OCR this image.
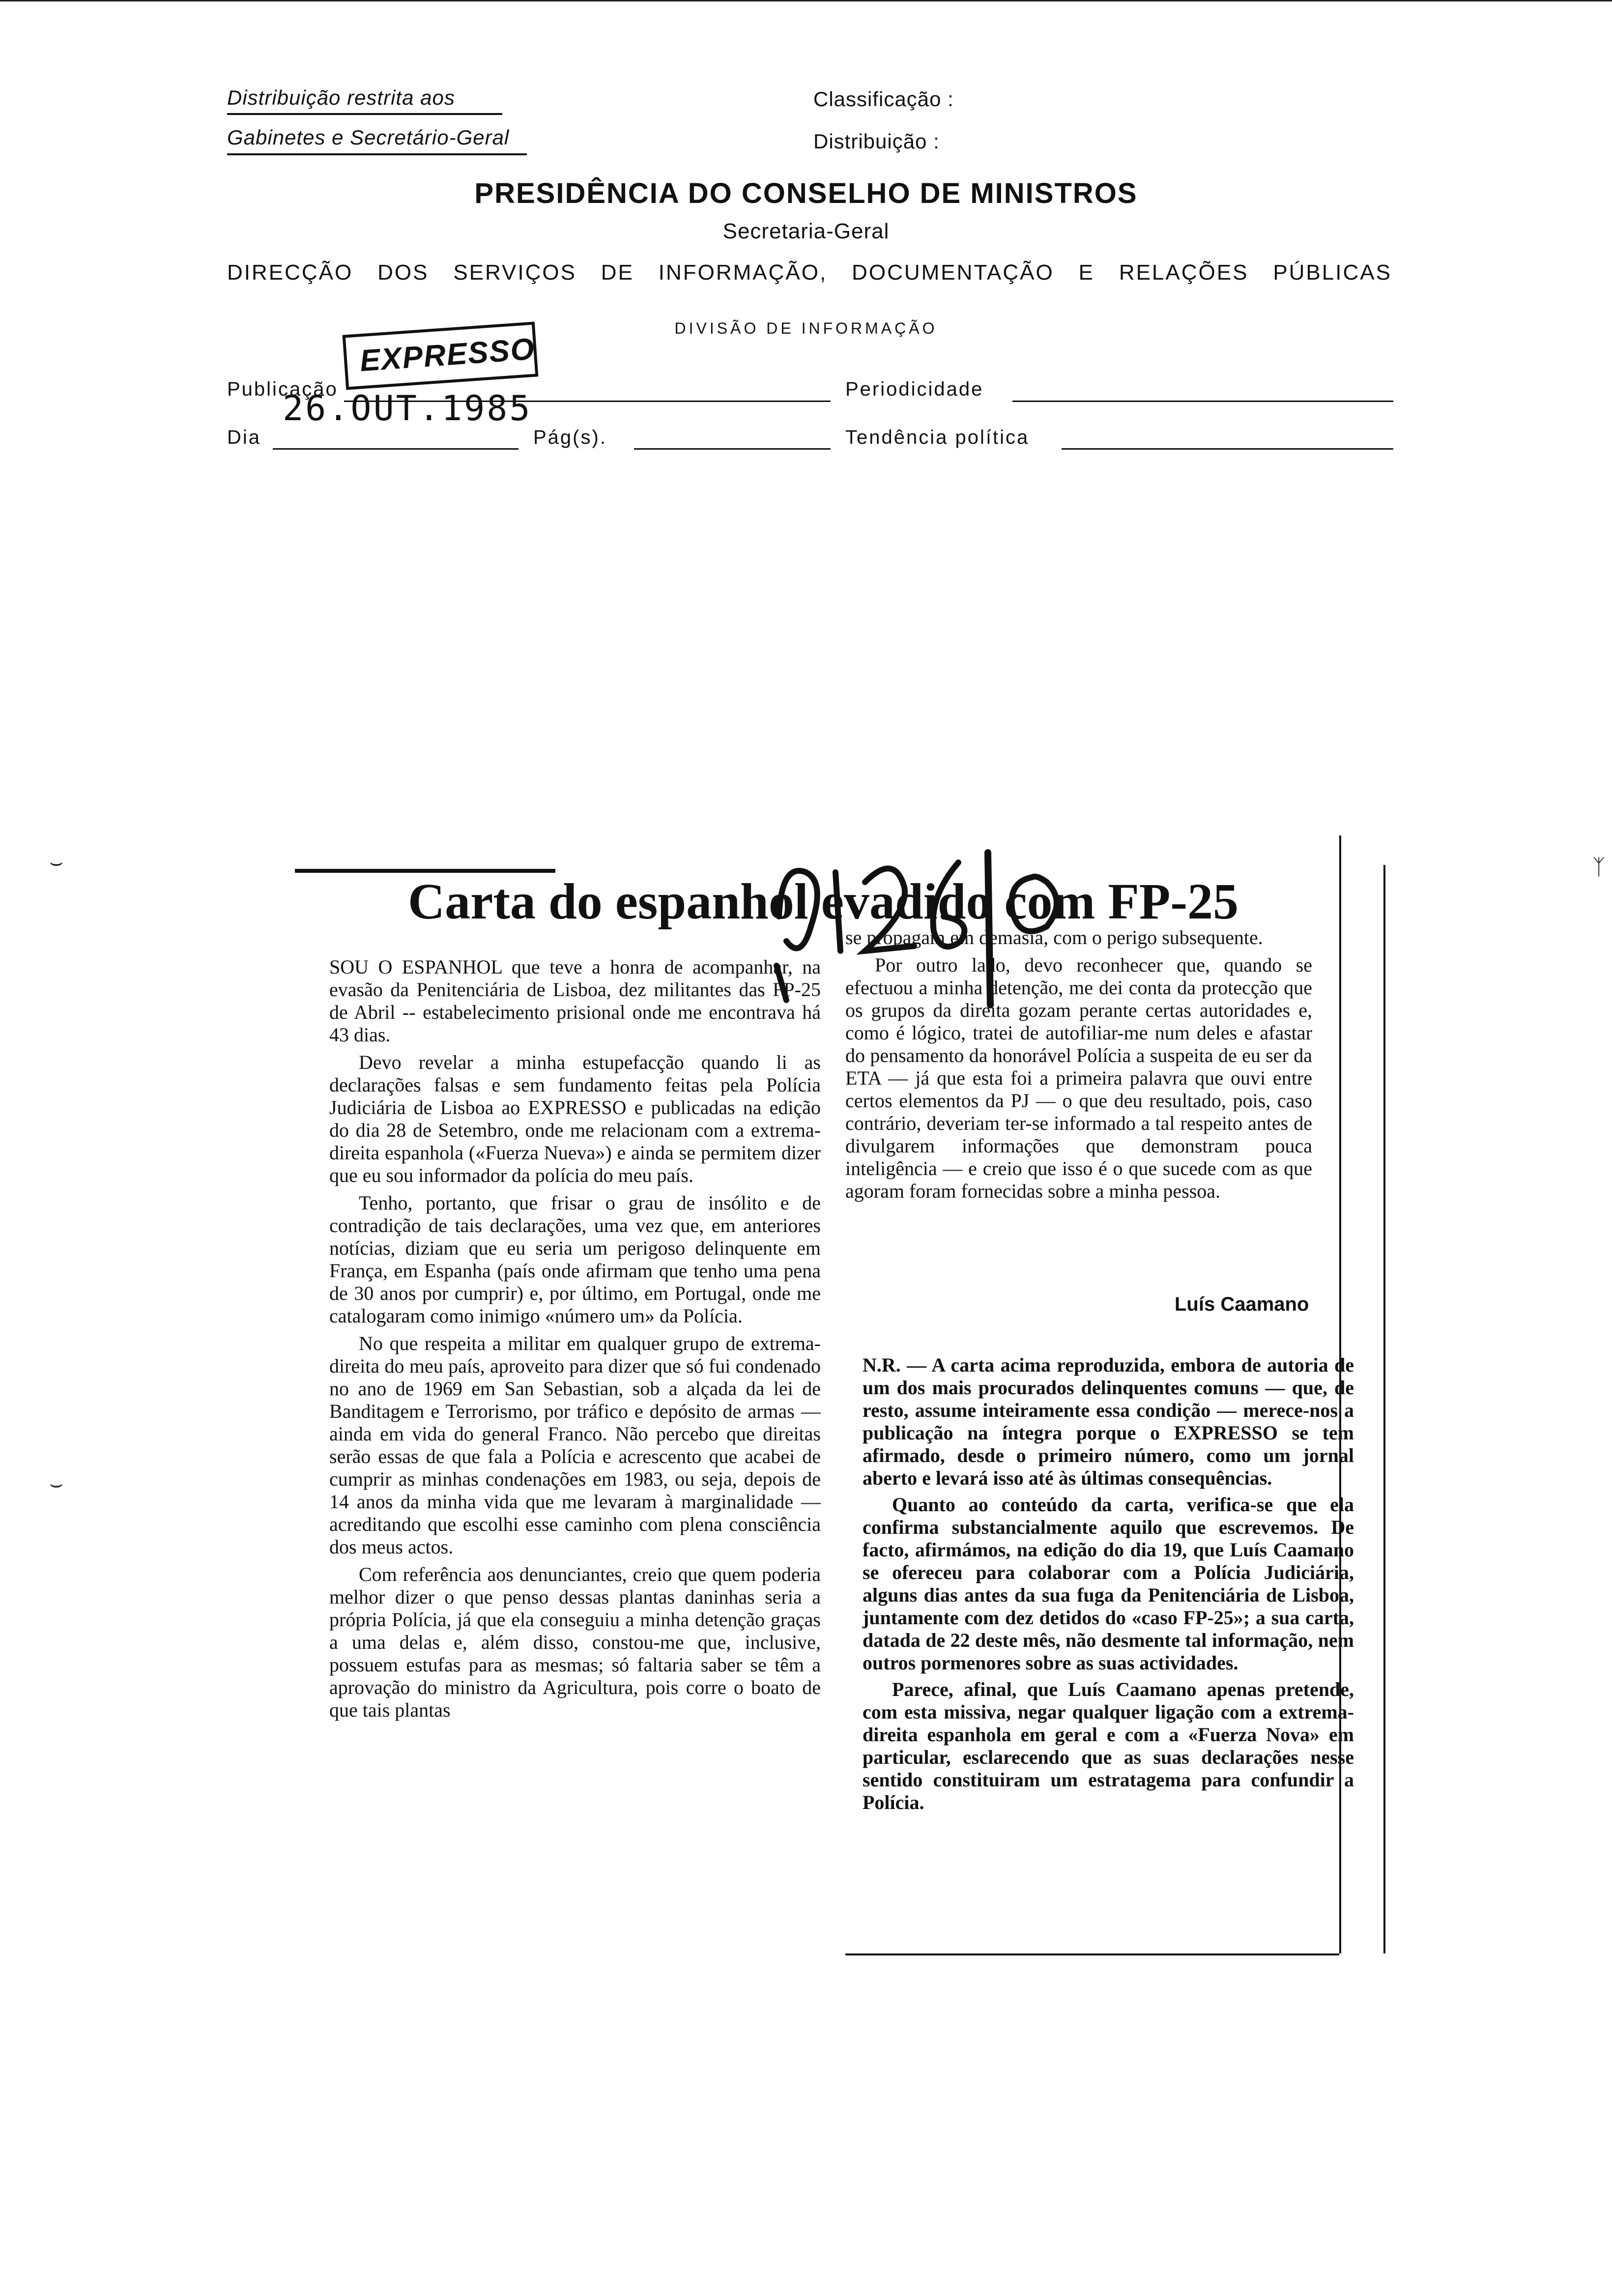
Distribuição restrita aos
Gabinetes e Secretário-Geral
Classificação :
Distribuição :
PRESIDÊNCIA DO CONSELHO DE MINISTROS
Secretaria-Geral
DIRECÇÃO DOS SERVIÇOS DE INFORMAÇÃO, DOCUMENTAÇÃO E RELAÇÕES PÚBLICAS
DIVISÃO DE INFORMAÇÃO
Publicação	Periodicidade
Dia	Pág(s).	Tendência política
EXPRESSO
26.OUT.1985
⌣
⌣
ᛉ
Carta do espanhol evadido com FP-25

SOU O ESPANHOL que teve a honra de acompanhar, na evasão da Penitenciária de Lisboa, dez militantes das FP-25 de Abril -- estabelecimento prisional onde me encontrava há 43 dias.

Devo revelar a minha estupefacção quando li as declarações falsas e sem fundamento feitas pela Polícia Judiciária de Lisboa ao EXPRESSO e publicadas na edição do dia 28 de Setembro, onde me relacionam com a extrema-direita espanhola («Fuerza Nueva») e ainda se permitem dizer que eu sou informador da polícia do meu país.

Tenho, portanto, que frisar o grau de insólito e de contradição de tais declarações, uma vez que, em anteriores notícias, diziam que eu seria um perigoso delinquente em França, em Espanha (país onde afirmam que tenho uma pena de 30 anos por cumprir) e, por último, em Portugal, onde me catalogaram como inimigo «número um» da Polícia.

No que respeita a militar em qualquer grupo de extrema-direita do meu país, aproveito para dizer que só fui condenado no ano de 1969 em San Sebastian, sob a alçada da lei de Banditagem e Terrorismo, por tráfico e depósito de armas — ainda em vida do general Franco. Não percebo que direitas serão essas de que fala a Polícia e acrescento que acabei de cumprir as minhas condenações em 1983, ou seja, depois de 14 anos da minha vida que me levaram à marginalidade — acreditando que escolhi esse caminho com plena consciência dos meus actos.

Com referência aos denunciantes, creio que quem poderia melhor dizer o que penso dessas plantas daninhas seria a própria Polícia, já que ela conseguiu a minha detenção graças a uma delas e, além disso, constou-me que, inclusive, possuem estufas para as mesmas; só faltaria saber se têm a aprovação do ministro da Agricultura, pois corre o boato de que tais plantas

se propagam em demasia, com o perigo subsequente.

Por outro lado, devo reconhecer que, quando se efectuou a minha detenção, me dei conta da protecção que os grupos da direita gozam perante certas autoridades e, como é lógico, tratei de autofiliar-me num deles e afastar do pensamento da honorável Polícia a suspeita de eu ser da ETA — já que esta foi a primeira palavra que ouvi entre certos elementos da PJ — o que deu resultado, pois, caso contrário, deveriam ter-se informado a tal respeito antes de divulgarem informações que demonstram pouca inteligência — e creio que isso é o que sucede com as que agoram foram fornecidas sobre a minha pessoa.

Luís Caamano

N.R. — A carta acima reproduzida, embora de autoria de um dos mais procurados delinquentes comuns — que, de resto, assume inteiramente essa condição — merece-nos a publicação na íntegra porque o EXPRESSO se tem afirmado, desde o primeiro número, como um jornal aberto e levará isso até às últimas consequências.

Quanto ao conteúdo da carta, verifica-se que ela confirma substancialmente aquilo que escrevemos. De facto, afirmámos, na edição do dia 19, que Luís Caamano se ofereceu para colaborar com a Polícia Judiciária, alguns dias antes da sua fuga da Penitenciária de Lisboa, juntamente com dez detidos do «caso FP-25»; a sua carta, datada de 22 deste mês, não desmente tal informação, nem outros pormenores sobre as suas actividades.

Parece, afinal, que Luís Caamano apenas pretende, com esta missiva, negar qualquer ligação com a extrema-direita espanhola em geral e com a «Fuerza Nova» em particular, esclarecendo que as suas declarações nesse sentido constituiram um estratagema para confundir a Polícia.
